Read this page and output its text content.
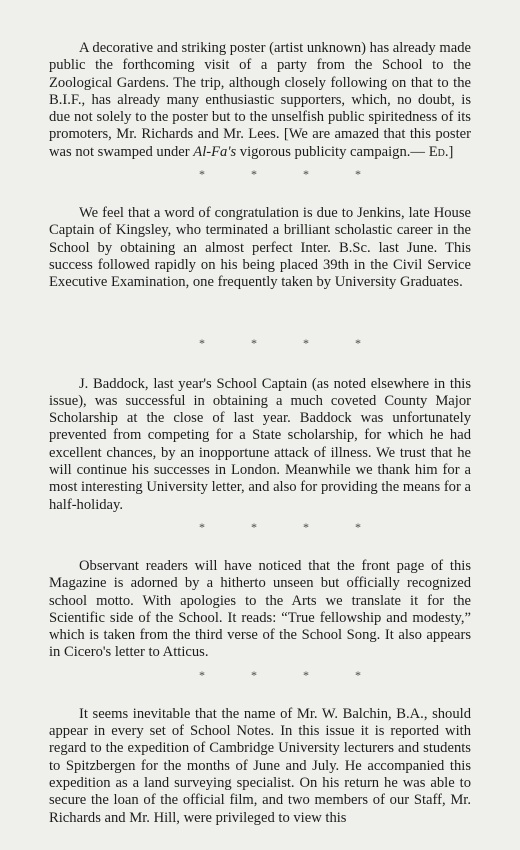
A decorative and striking poster (artist unknown) has already made public the forthcoming visit of a party from the School to the Zoological Gardens. The trip, although closely following on that to the B.I.F., has already many enthusiastic supporters, which, no doubt, is due not solely to the poster but to the unselfish public spiritedness of its promoters, Mr. Richards and Mr. Lees. [We are amazed that this poster was not swamped under Al-Fa's vigorous publicity campaign.— Ed.]

*	*	*	*

We feel that a word of congratulation is due to Jenkins, late House Captain of Kingsley, who terminated a brilliant scholastic career in the School by obtaining an almost perfect Inter. B.Sc. last June. This success followed rapidly on his being placed 39th in the Civil Service Executive Examination, one frequently taken by University Graduates.

*	*	*	*

J. Baddock, last year's School Captain (as noted elsewhere in this issue), was successful in obtaining a much coveted County Major Scholarship at the close of last year. Baddock was unfortunately prevented from competing for a State scholarship, for which he had excellent chances, by an inopportune attack of illness. We trust that he will continue his successes in London. Meanwhile we thank him for a most interesting University letter, and also for providing the means for a half-holiday.

*	*	*	*

Observant readers will have noticed that the front page of this Magazine is adorned by a hitherto unseen but officially recognized school motto. With apologies to the Arts we translate it for the Scientific side of the School. It reads: “True fellowship and modesty,” which is taken from the third verse of the School Song. It also appears in Cicero's letter to Atticus.

*	*	*	*

It seems inevitable that the name of Mr. W. Balchin, B.A., should appear in every set of School Notes. In this issue it is reported with regard to the expedition of Cambridge University lecturers and students to Spitzbergen for the months of June and July. He accompanied this expedition as a land surveying specialist. On his return he was able to secure the loan of the official film, and two members of our Staff, Mr. Richards and Mr. Hill, were privileged to view this
